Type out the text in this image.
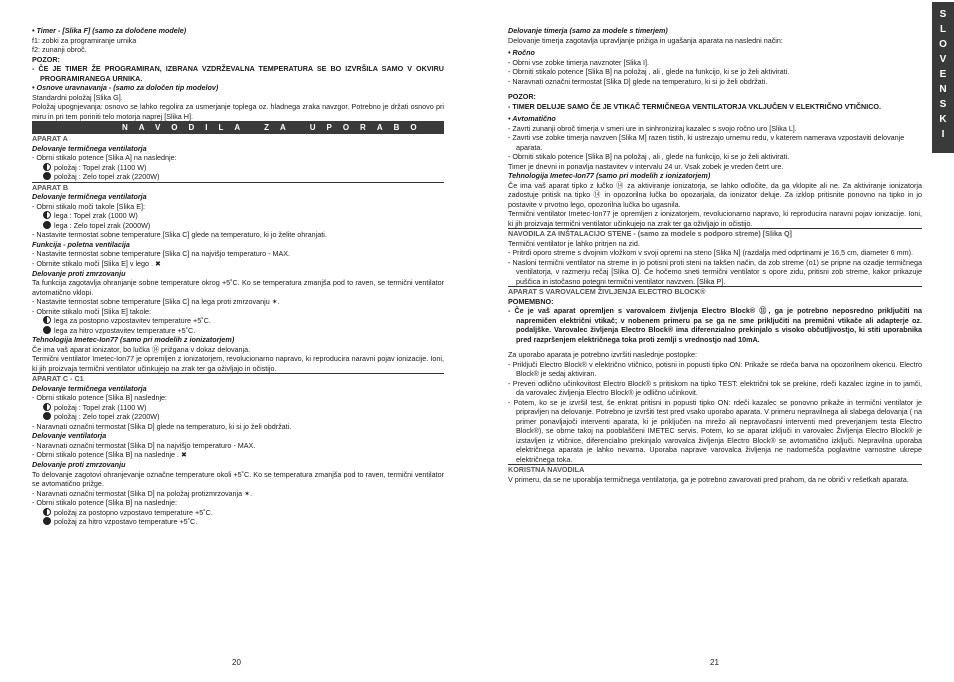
• Timer - [Slika F] (samo za določene modele)
f1: zobki za programiranje urnika
f2: zunanji obroč.
POZOR:
- ČE JE TIMER ŽE PROGRAMIRAN, IZBRANA VZDRŽEVALNA TEMPERATURA SE BO IZVRŠILA SAMO V OKVIRU PROGRAMIRANEGA URNIKA.
• Osnove uravnavanja - (samo za določen tip modelov)
Standardni položaj [Slika G].
Položaj upognjevanja: osnovo se lahko regolira za usmerjanje toplega oz. hladnega zraka navzgor. Potrebno je držati osnovo pri miru in pri tem poriniti telo motorja naprej [Slika H].
NAVODILA ZA UPORABO
APARAT A
Delovanje termičnega ventilatorja
- Obrni stikalo potence [Slika A] na naslednje:
položaj : Topel zrak (1100 W)
položaj : Zelo topel zrak (2200W)
APARAT B
Delovanje termičnega ventilatorja
- Obrni stikalo moči takole [Slika E]:
lega : Topel zrak (1000 W)
lega : Zelo topel zrak (2000W)
- Nastavite termostat sobne temperature [Slika C] glede na temperaturo, ki jo želite ohranjati.
Funkcija - poletna ventilacija
- Nastavite termostat sobne temperature [Slika C] na najvišjo temperaturo - MAX.
- Obrnite stikalo moči [Slika E] v lego . ✖
Delovanje proti zmrzovanju
Ta funkcija zagotavlja ohranjanje sobne temperature okrog +5˚C. Ko se temperatura zmanjša pod to raven, se termični ventilator avtomatično vklopi.
- Nastavite termostat sobne temperature [Slika C] na lega proti zmrzovanju ✶.
- Obrnite stikalo moči [Slika E] takole:
lega za postopno vzpostavitev temperature +5˚C.
lega za hitro vzpostavitev temperature +5˚C.
Tehnologija Imetec-Ion77 (samo pri modelih z ionizatorjem)
Če ima vaš aparat ionizator, bo lučka ⑭ prižgana v dokaz delovanja.
Termični ventilator Imetec-Ion77 je opremljen z ionizatorjem, revolucionarno napravo, ki reproducira naravni pojav ionizacije. Ioni, ki jih proizvaja termični ventilator učinkujejo na zrak ter ga oživljajo in očistijo.
APARAT C - C1
Delovanje termičnega ventilatorja
- Obrni stikalo potence [Slika B] naslednje:
položaj : Topel zrak (1100 W)
položaj : Zelo topel zrak (2200W)
- Naravnati označni termostat [Slika D] glede na temperaturo, ki si jo želi obdržati.
Delovanje ventilatorja
- Naravnati označni termostat [Slika D] na najvišjo temperaturo - MAX.
- Obrni stikalo potence [Slika B] na naslednje . ✖
Delovanje proti zmrzovanju
To delovanje zagotovi ohranjevanje označne temperature okoli +5˚C. Ko se temperatura zmanjša pod to raven, termični ventilator se avtomatično prižge.
- Naravnati označni termostat [Slika D] na položaj protizmrzovanja ✶.
- Obrni stikalo potence [Slika B] na naslednje:
položaj za postopno vzpostavo temperature +5˚C.
položaj za hitro vzpostavo temperature +5˚C.
20
Delovanje timerja (samo za modele s timerjem)
Delovanje timerja zagotavlja upravljanje prižiga in ugašanja aparata na nasledni način:
• Ročno
- Obrni vse zobke timerja navznoter [Slika I].
- Obrniti stikalo potence [Slika B] na položaj , ali , glede na funkcijo, ki se jo želi aktivirati.
- Naravnati označni termostat [Slika D] glede na temperaturo, ki si jo želi obdržati.
POZOR:
- TIMER DELUJE SAMO ČE JE VTIKAČ TERMIČNEGA VENTILATORJA VKLJUČEN V ELEKTRIČNO VTIČNICO.
• Avtomatično
- Zavrti zunanji obroč timerja v smeri ure in sinhroniziraj kazalec s svojo ročno uro [Slika L].
- Zavrti vse zobke timerja navzven [Slika M] razen tistih, ki ustrezajo urnemu redu, v katerem namerava vzpostaviti delovanje aparata.
- Obrniti stikalo potence [Slika B] na položaj , ali , glede na funkcijo, ki se jo želi aktivirati.
Timer je dnevni in ponavlja nastavitev v intervalu 24 ur. Vsak zobek je vreden četrt ure.
Tehnologija Imetec-Ion77 (samo pri modelih z ionizatorjem)
Če ima vaš aparat tipko z lučko ⑭ za aktiviranje ionizatorja, se lahko odločite, da ga vklopite ali ne. Za aktiviranje ionizatorja zadostuje pritisk na tipko ⑭ in opozorilna lučka bo opozarjala, da ionizator deluje. Za izklop pritisnite ponovno na tipko in jo postavite v prvotno lego, opozorilna lučka bo ugasnila.
Termični ventilator Imetec-Ion77 je opremljen z ionizatorjem, revolucionarno napravo, ki reproducira naravni pojav ionizacije. Ioni, ki jih proizvaja termični ventilator učinkujejo na zrak ter ga oživljajo in očistijo.
NAVODILA ZA INŠTALACIJO STENE - (samo za modele s podporo streme) [Slika Q]
Termični ventilator je lahko pritrjen na zid.
- Pritrdi oporo streme s dvojnim vložkom v svoji opremi na steno [Slika N] (razdalja med odprtinami je 16,5 cm, diameter 6 mm).
- Nasloni termični ventilator na streme in jo potisni proti steni na takšen način, da zob streme (o1) se pripne na ozadje termičnega ventilatorja, v razmerju rečaj [Slika O]. Če hočemo sneti termični ventilator s opore zidu, pritisni zob streme, kakor prikazuje puščica in istočasno potegni termični ventilator navzven. [Slika P].
APARAT S VAROVALCEM ŽIVLJENJA ELECTRO BLOCK®
POMEMBNO:
- Če je vaš aparat opremljen s varovalcem življenja Electro Block® ⑪, ga je potrebno neposredno priključiti na napremičen električni vtikač; v nobenem primeru pa se ga ne sme priključiti na premični vtikače ali adapterje oz. podaljške. Varovalec življenja Electro Block® ima diferenzialno prekinjalo s visoko občutljivostjo, ki stiti uporabnika pred razpršenjem električnega toka proti zemlji s vrednostjo nad 10mA.
Za uporabo aparata je potrebno izvršiti naslednje postopke:
- Priključi Electro Block® v električno vtičnico, potisni in popusti tipko ON: Prikaže se rdeča barva na opozorilnem okencu. Electro Block® je sedaj aktiviran.
- Preveri odlično učinkovitost Electro Block® s pritiskom na tipko TEST: električni tok se prekine, rdeči kazalec izgine in to jamči, da varovalec življenja Electro Block® je odlično učinkovit.
- Potem, ko se je izvršil test, še enkrat pritisni in popusti tipko ON: rdeči kazalec se ponovno prikaže in termični ventilator je pripravljen na delovanje. Potrebno je izvršiti test pred vsako uporabo aparata. V primeru nepravilnega ali slabega delovanja ( na primer ponavljajoči interventi aparata, ki je priključen na mrežo ali nepravočasni interventi med preverjanjem testa Electro Block®), se obrne takoj na pooblaščeni IMETEC servis. Potem, ko se aparat izključi in varovalec Življenja Electro Block® je izstavljen iz vtičnice, diferencialno prekinjalo varovalca življenja Electro Block® se avtomatično izključi. Nepravilna uporaba električnega aparata je lahko nevarna. Uporaba naprave varovalca življenja ne nadomešča poglavitne varnostne ukrepe električnega toka.
KORISTNA NAVODILA
V primeru, da se ne uporablja termičnega ventilatorja, ga je potrebno zavarovati pred prahom, da ne obriči v rešetkah aparata.
21
S
L
O
V
E
N
S
K
I
